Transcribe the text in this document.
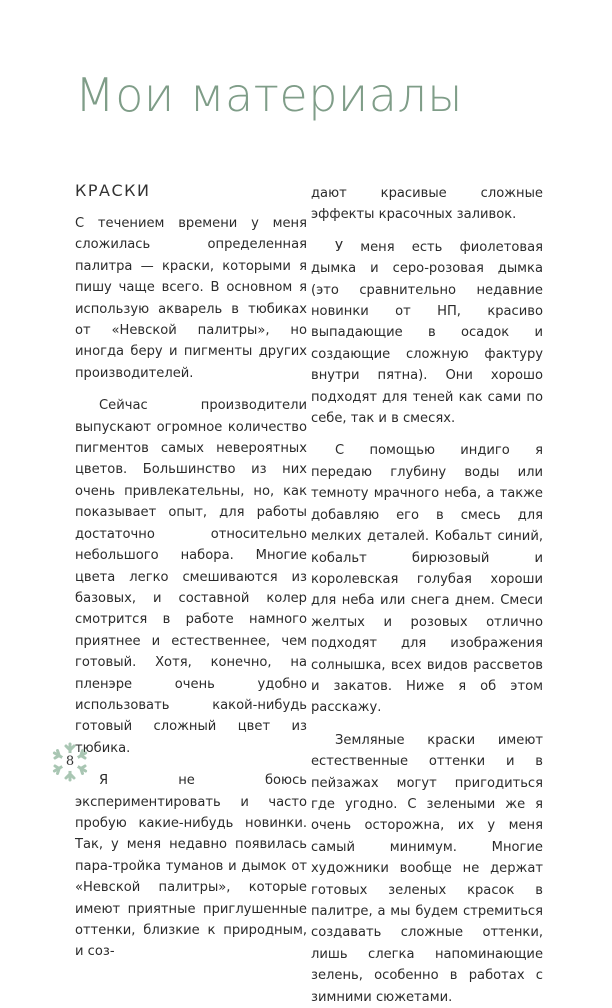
Мои материалы
КРАСКИ

С течением времени у меня сложилась определенная палитра — краски, которыми я пишу чаще всего. В основном я использую акварель в тюбиках от «Невской палитры», но иногда беру и пигменты других производителей.

Сейчас производители выпускают огромное количество пигментов самых невероятных цветов. Большинство из них очень привлекательны, но, как показывает опыт, для работы достаточно относительно небольшого набора. Многие цвета легко смешиваются из базовых, и составной колер смотрится в работе намного приятнее и естественнее, чем готовый. Хотя, конечно, на пленэре очень удобно использовать какой-нибудь готовый сложный цвет из тюбика.

Я не боюсь экспериментировать и часто пробую какие-нибудь новинки. Так, у меня недавно появилась пара-тройка туманов и дымок от «Невской палитры», которые имеют приятные приглушенные оттенки, близкие к природным, и соз-

дают красивые сложные эффекты красочных заливок.

У меня есть фиолетовая дымка и серо-розовая дымка (это сравнительно недавние новинки от НП, красиво выпадающие в осадок и создающие сложную фактуру внутри пятна). Они хорошо подходят для теней как сами по себе, так и в смесях.

С помощью индиго я передаю глубину воды или темноту мрачного неба, а также добавляю его в смесь для мелких деталей. Кобальт синий, кобальт бирюзовый и королевская голубая хороши для неба или снега днем. Смеси желтых и розовых отлично подходят для изображения солнышка, всех видов рассветов и закатов. Ниже я об этом расскажу.

Земляные краски имеют естественные оттенки и в пейзажах могут пригодиться где угодно. С зелеными же я очень осторожна, их у меня самый минимум. Многие художники вообще не держат готовых зеленых красок в палитре, а мы будем стремиться создавать сложные оттенки, лишь слегка напоминающие зелень, особенно в работах с зимними сюжетами.

8
